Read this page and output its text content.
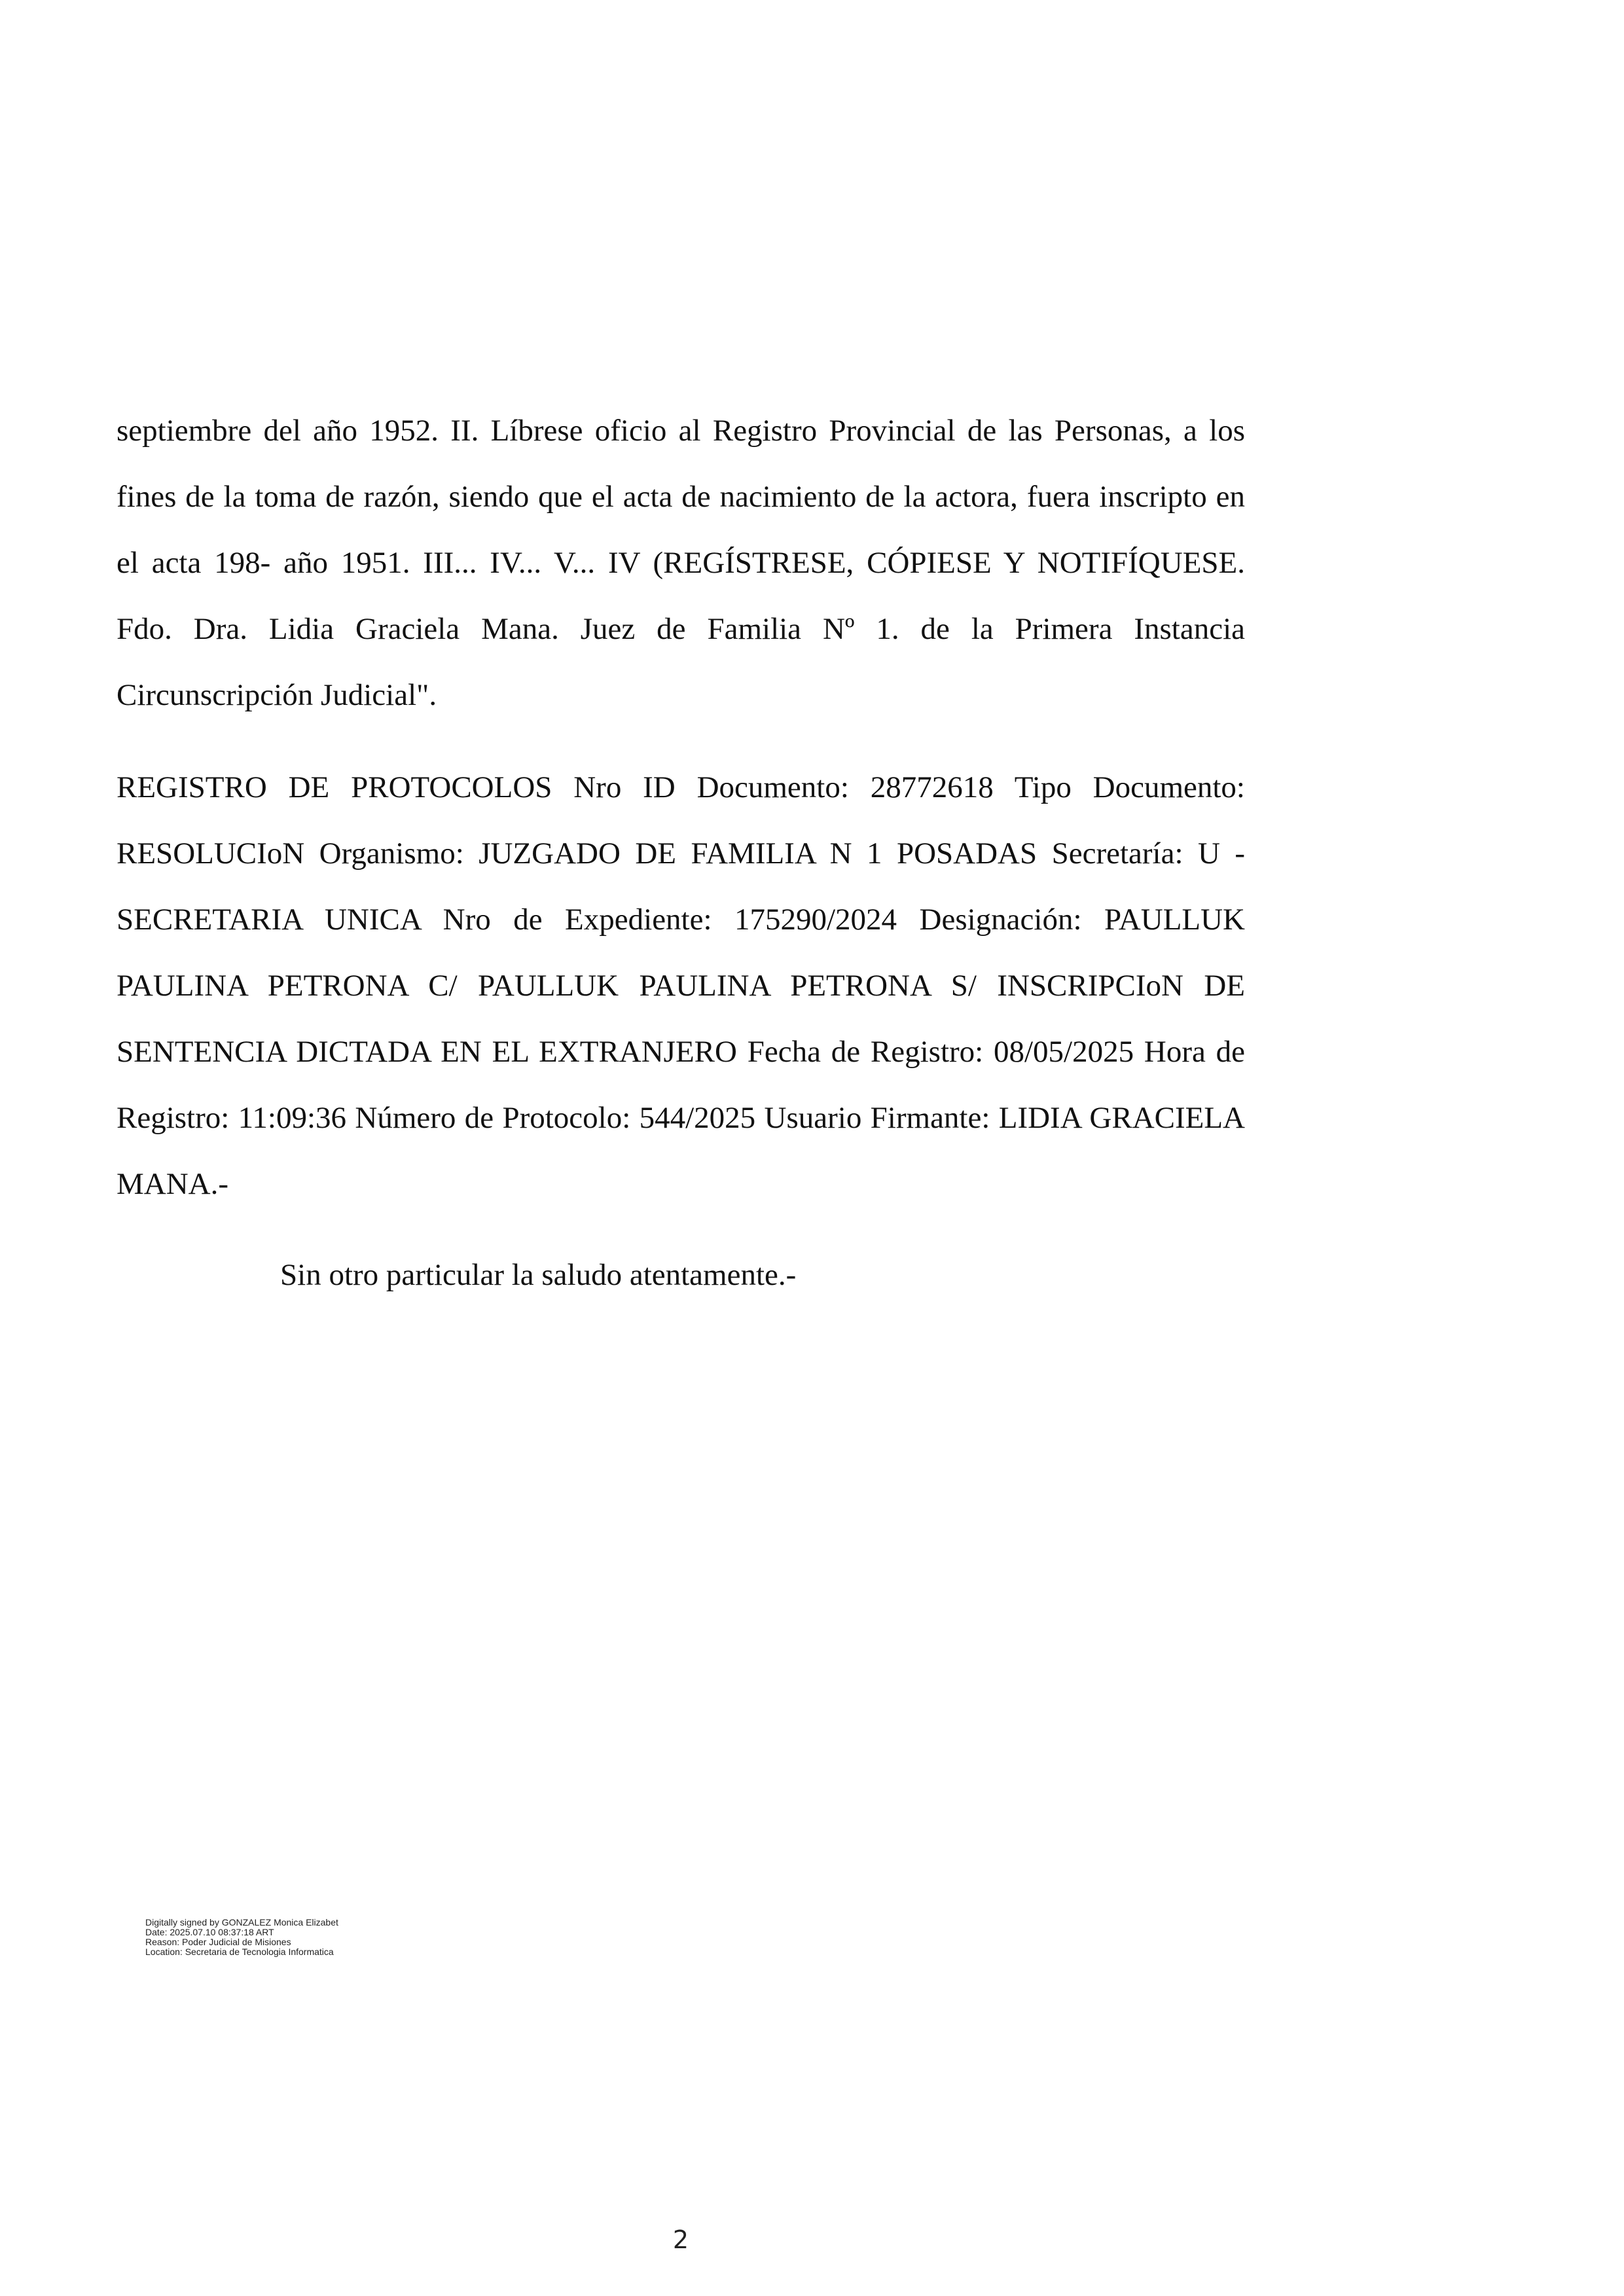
septiembre del año 1952. II. Líbrese oficio al Registro Provincial de las Personas, a los fines de la toma de razón, siendo que el acta de nacimiento de la actora, fuera inscripto en el acta 198- año 1951. III... IV... V... IV (REGÍSTRESE, CÓPIESE Y NOTIFÍQUESE. Fdo. Dra. Lidia Graciela Mana. Juez de Familia Nº 1. de la Primera Instancia Circunscripción Judicial".

REGISTRO DE PROTOCOLOS Nro ID Documento: 28772618 Tipo Documento: RESOLUCIoN Organismo: JUZGADO DE FAMILIA N 1 POSADAS Secretaría: U - SECRETARIA UNICA Nro de Expediente: 175290/2024 Designación: PAULLUK PAULINA PETRONA C/ PAULLUK PAULINA PETRONA S/ INSCRIPCIoN DE SENTENCIA DICTADA EN EL EXTRANJERO Fecha de Registro: 08/05/2025 Hora de Registro: 11:09:36 Número de Protocolo: 544/2025 Usuario Firmante: LIDIA GRACIELA MANA.-

Sin otro particular la saludo atentamente.-

Digitally signed by GONZALEZ Monica Elizabet
Date: 2025.07.10 08:37:18 ART
Reason: Poder Judicial de Misiones
Location: Secretaria de Tecnologia Informatica
2
